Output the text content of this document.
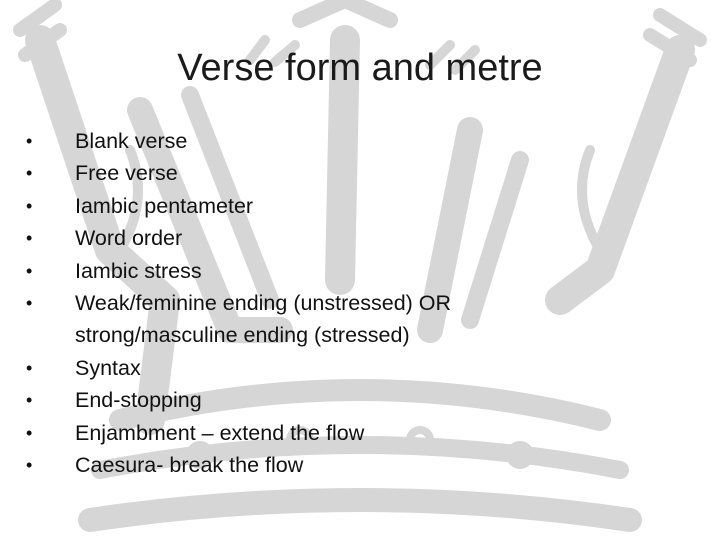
Verse form and metre
•	Blank verse
•	Free verse
•	Iambic pentameter
•	Word order
•	Iambic stress
•	Weak/feminine ending (unstressed) OR
strong/masculine ending (stressed)
•	Syntax
•	End-stopping
•	Enjambment – extend the flow
•	Caesura- break the flow
